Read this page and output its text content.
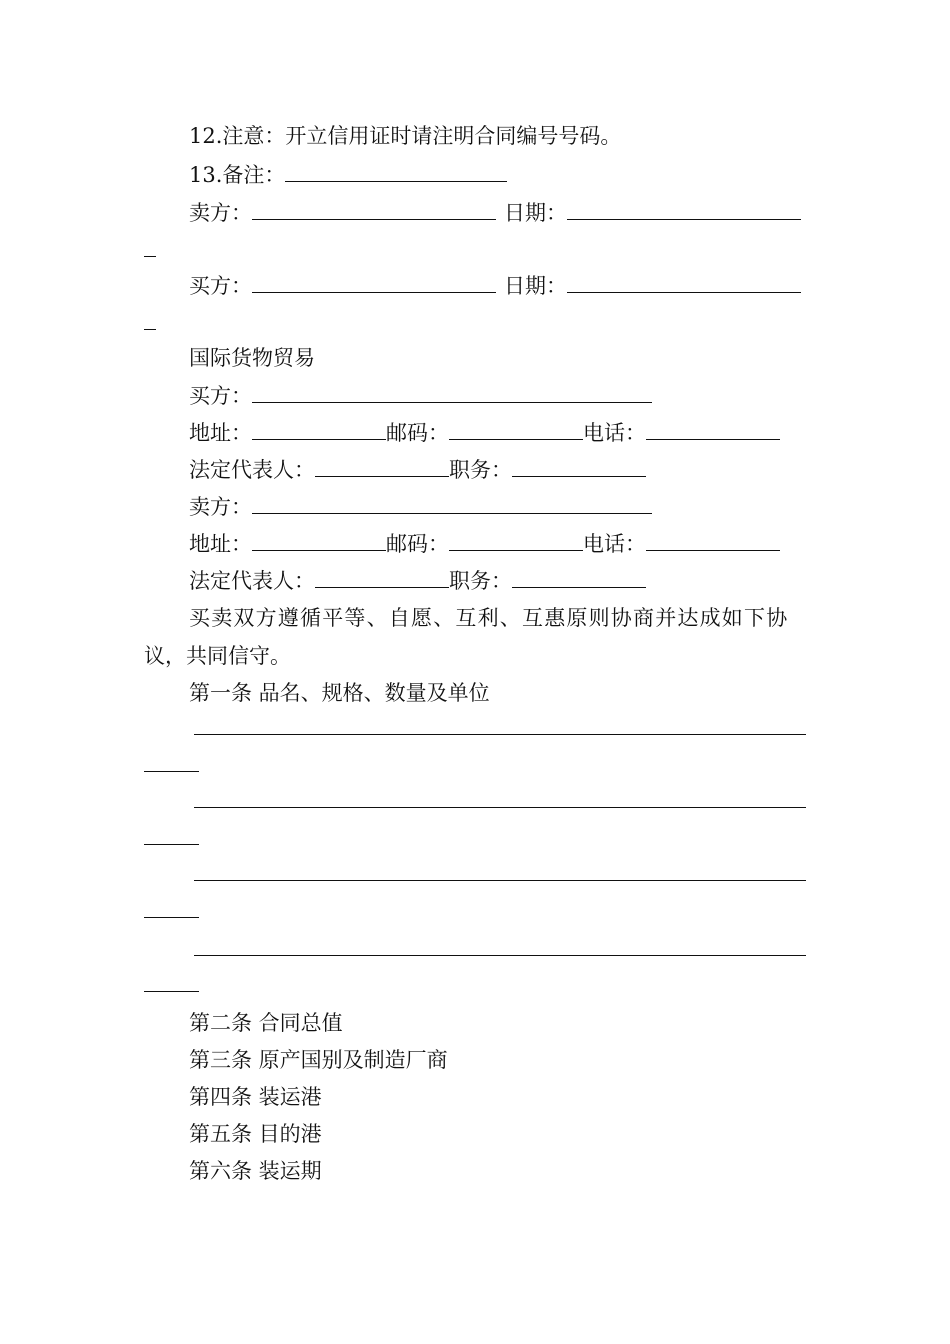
12.注意：开立信用证时请注明合同编号号码。
13.备注：
卖方：	日期：
买方：	日期：
国际货物贸易
买方：
地址：	邮码：	电话：
法定代表人：	职务：
卖方：
地址：	邮码：	电话：
法定代表人：	职务：
买卖双方遵循平等、自愿、互利、互惠原则协商并达成如下协
议，共同信守。
第一条 品名、规格、数量及单位
第二条 合同总值
第三条 原产国别及制造厂商
第四条 装运港
第五条 目的港
第六条 装运期
